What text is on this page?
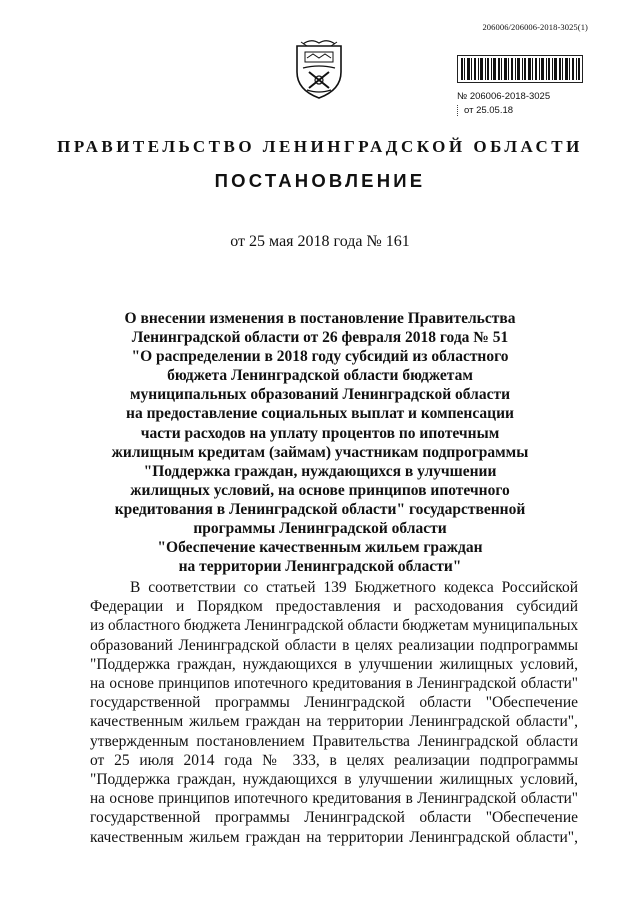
206006/206006-2018-3025(1)
№ 206006-2018-3025
от 25.05.18
ПРАВИТЕЛЬСТВО ЛЕНИНГРАДСКОЙ ОБЛАСТИ
ПОСТАНОВЛЕНИЕ
от 25 мая 2018 года № 161
О внесении изменения в постановление Правительства
Ленинградской области от 26 февраля 2018 года № 51
"О распределении в 2018 году субсидий из областного
бюджета Ленинградской области бюджетам
муниципальных образований Ленинградской области
на предоставление социальных выплат и компенсации
части расходов на уплату процентов по ипотечным
жилищным кредитам (займам) участникам подпрограммы
"Поддержка граждан, нуждающихся в улучшении
жилищных условий, на основе принципов ипотечного
кредитования в Ленинградской области" государственной
программы Ленинградской области
"Обеспечение качественным жильем граждан
на территории Ленинградской области"
В соответствии со статьей 139 Бюджетного кодекса Российской
Федерации и Порядком предоставления и расходования субсидий
из областного бюджета Ленинградской области бюджетам муниципальных
образований Ленинградской области в целях реализации подпрограммы
"Поддержка граждан, нуждающихся в улучшении жилищных условий,
на основе принципов ипотечного кредитования в Ленинградской области"
государственной программы Ленинградской области "Обеспечение
качественным жильем граждан на территории Ленинградской области",
утвержденным постановлением Правительства Ленинградской области
от 25 июля 2014 года № 333, в целях реализации подпрограммы
"Поддержка граждан, нуждающихся в улучшении жилищных условий,
на основе принципов ипотечного кредитования в Ленинградской области"
государственной программы Ленинградской области "Обеспечение
качественным жильем граждан на территории Ленинградской области",
